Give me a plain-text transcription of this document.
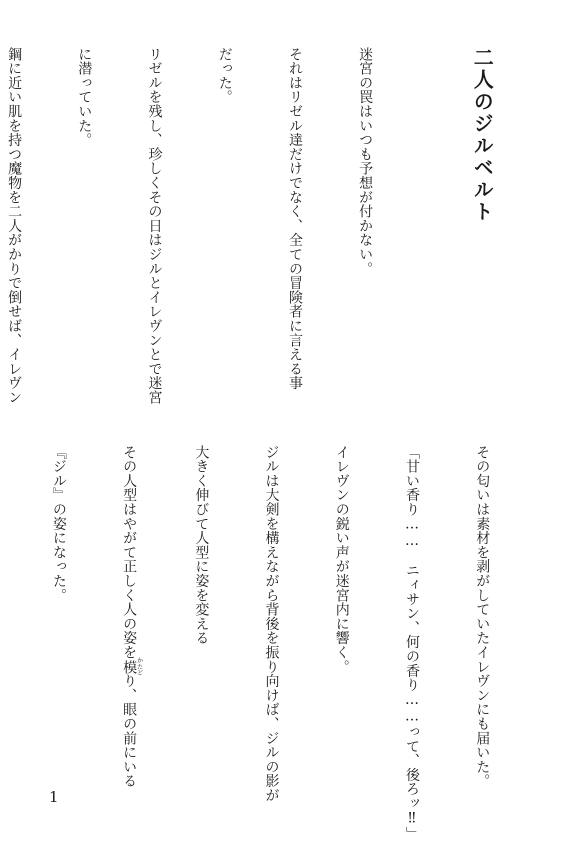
二人のジルベルト

迷宮の罠はいつも予想が付かない。

それはリゼル達だけでなく、全ての冒険者に言える事

だった。

リゼルを残し、珍しくその日はジルとイレヴンとで迷宮

に潜っていた。

鋼に近い肌を持つ魔物を二人がかりで倒せば、イレヴン

その匂いは素材を剥がしていたイレヴンにも届いた。

「甘い香り……　ニィサン、何の香り……って、後ろッ‼」

イレヴンの鋭い声が迷宮内に響く。

ジルは大剣を構えながら背後を振り向けば、ジルの影が

大きく伸びて人型に姿を変える

その人型はやがて正しく人の姿を模かたどり、眼の前にいる

『ジル』の姿になった。

1
